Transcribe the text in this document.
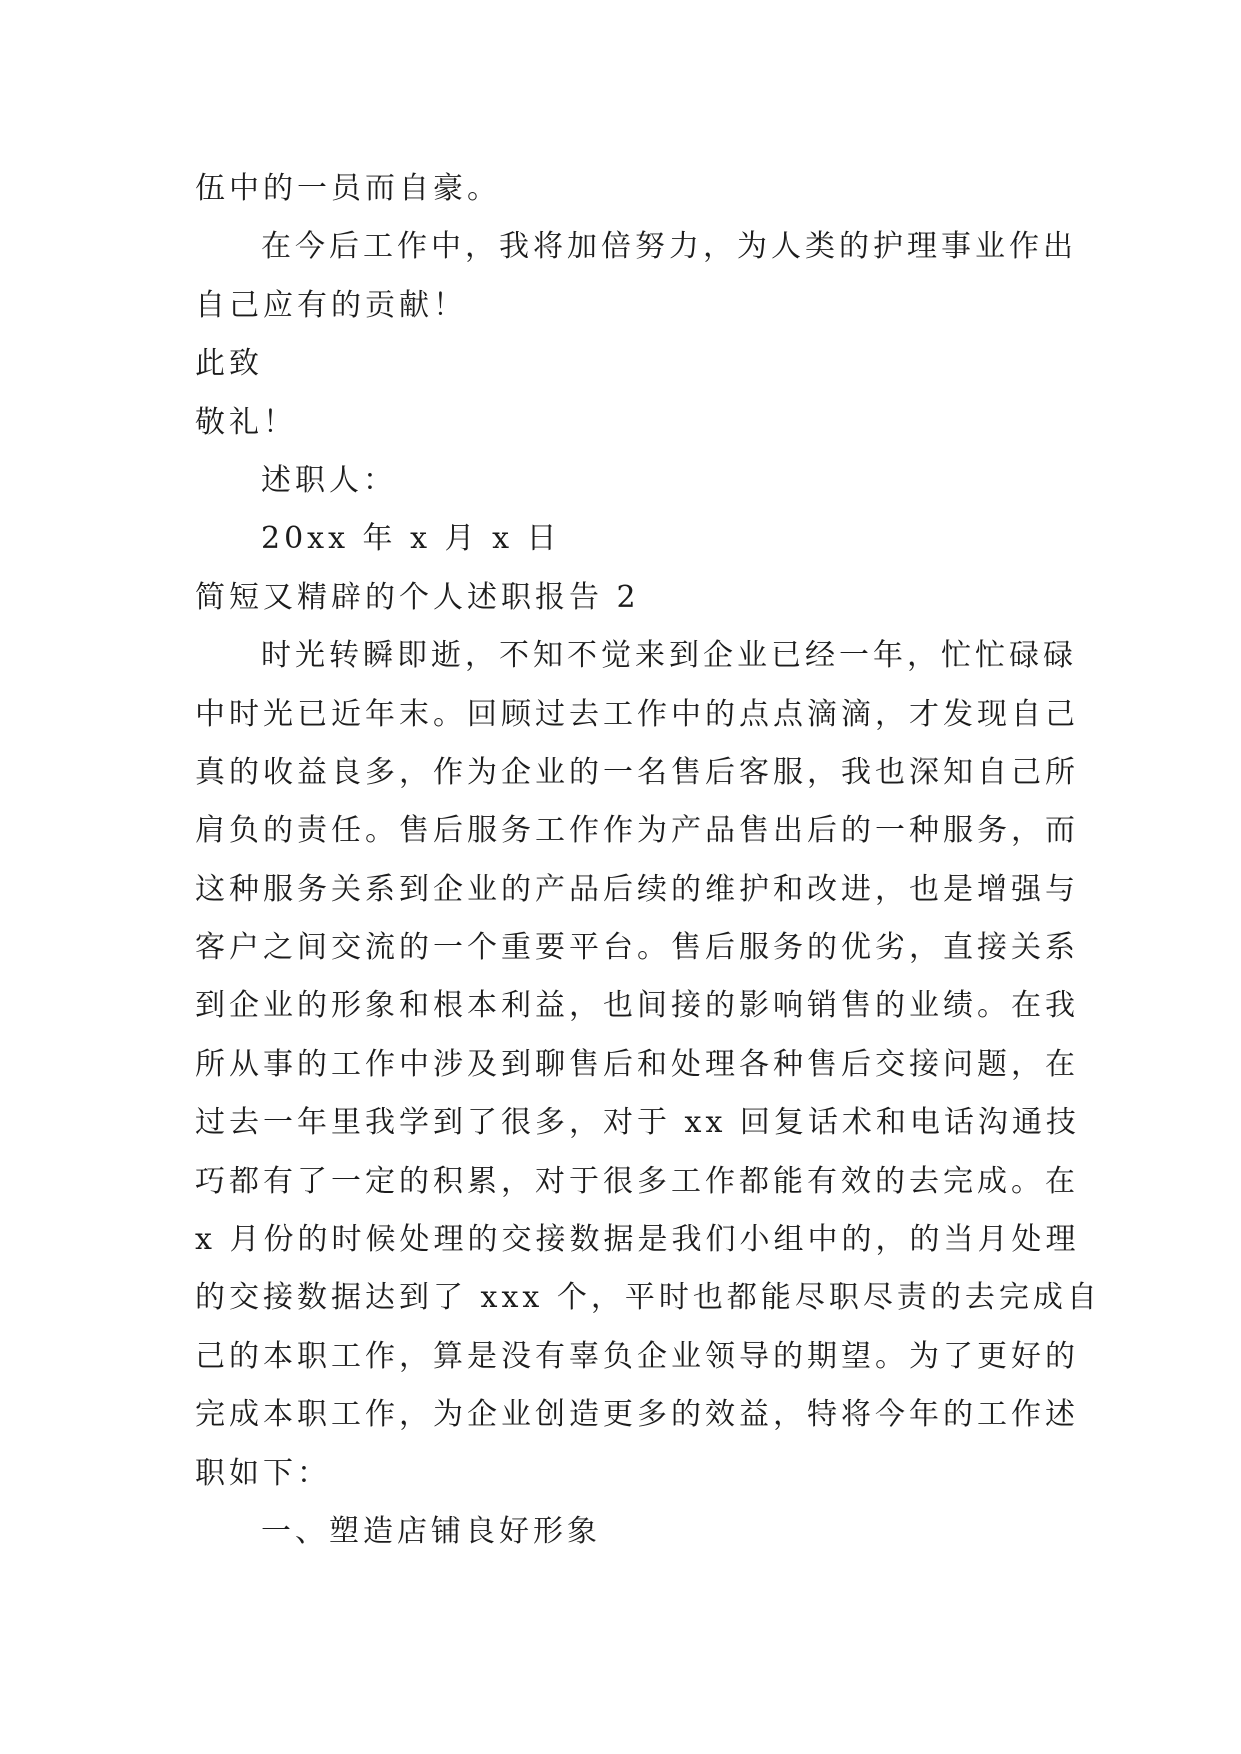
伍中的一员而自豪。
在今后工作中，我将加倍努力，为人类的护理事业作出
自己应有的贡献！
此致
敬礼！
述职人：
20xx 年 x 月 x 日
简短又精辟的个人述职报告 2
时光转瞬即逝，不知不觉来到企业已经一年，忙忙碌碌
中时光已近年末。回顾过去工作中的点点滴滴，才发现自己
真的收益良多，作为企业的一名售后客服，我也深知自己所
肩负的责任。售后服务工作作为产品售出后的一种服务，而
这种服务关系到企业的产品后续的维护和改进，也是增强与
客户之间交流的一个重要平台。售后服务的优劣，直接关系
到企业的形象和根本利益，也间接的影响销售的业绩。在我
所从事的工作中涉及到聊售后和处理各种售后交接问题，在
过去一年里我学到了很多，对于 xx 回复话术和电话沟通技
巧都有了一定的积累，对于很多工作都能有效的去完成。在
x 月份的时候处理的交接数据是我们小组中的，的当月处理
的交接数据达到了 xxx 个，平时也都能尽职尽责的去完成自
己的本职工作，算是没有辜负企业领导的期望。为了更好的
完成本职工作，为企业创造更多的效益，特将今年的工作述
职如下：
一、塑造店铺良好形象
